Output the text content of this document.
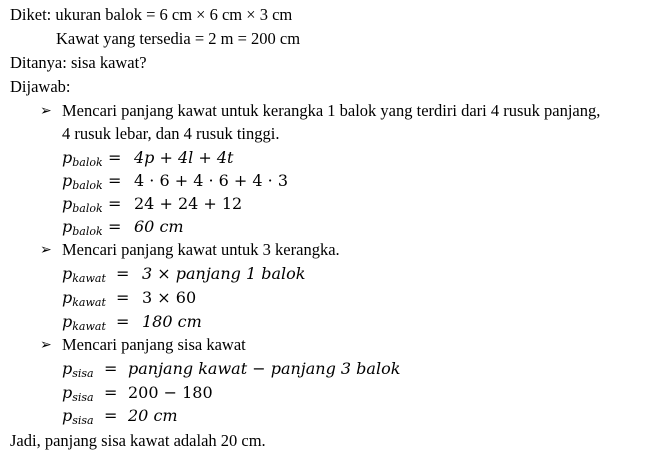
Diket: ukuran balok = 6 cm × 6 cm × 3 cm
Kawat yang tersedia = 2 m = 200 cm
Ditanya: sisa kawat?
Dijawab:
➢ Mencari panjang kawat untuk kerangka 1 balok yang terdiri dari 4 rusuk panjang,
4 rusuk lebar, dan 4 rusuk tinggi.
$p_{balok} = 4p + 4l + 4t$
$p_{balok} = 4 \cdot 6 + 4 \cdot 6 + 4 \cdot 3$
$p_{balok} = 24 + 24 + 12$
$p_{balok} = 60$ cm
➢ Mencari panjang kawat untuk 3 kerangka.
$p_{kawat} = 3$ × panjang 1 balok
$p_{kawat} = 3 \times 60$
$p_{kawat} = 180$ cm
➢ Mencari panjang sisa kawat
$p_{sisa}$ = panjang kawat − panjang 3 balok
$p_{sisa} = 200 - 180$
$p_{sisa} = 20$ cm
Jadi, panjang sisa kawat adalah 20 cm.
